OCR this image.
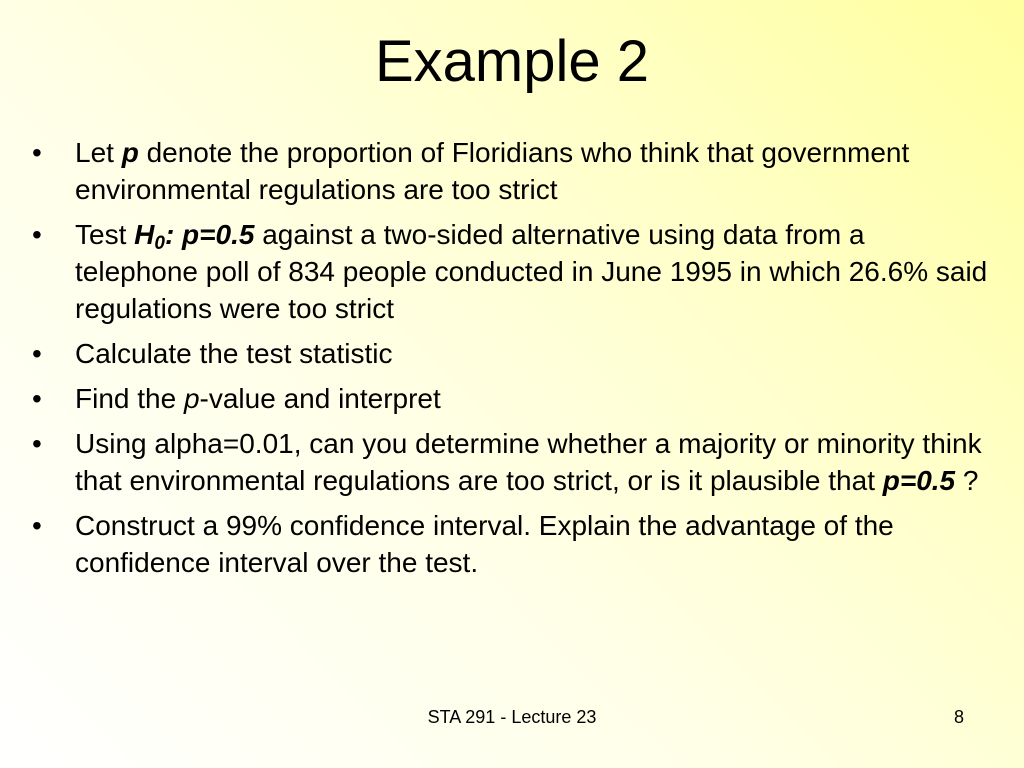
Example 2
•	Let p denote the proportion of Floridians who think that government environmental regulations are too strict
•	Test $H_0$: p=0.5 against a two-sided alternative using data from a telephone poll of 834 people conducted in June 1995 in which 26.6% said regulations were too strict
•	Calculate the test statistic
•	Find the p-value and interpret
•	Using alpha=0.01, can you determine whether a majority or minority think that environmental regulations are too strict, or is it plausible that p=0.5 ?
•	Construct a 99% confidence interval. Explain the advantage of the confidence interval over the test.
STA 291 - Lecture 23	8
